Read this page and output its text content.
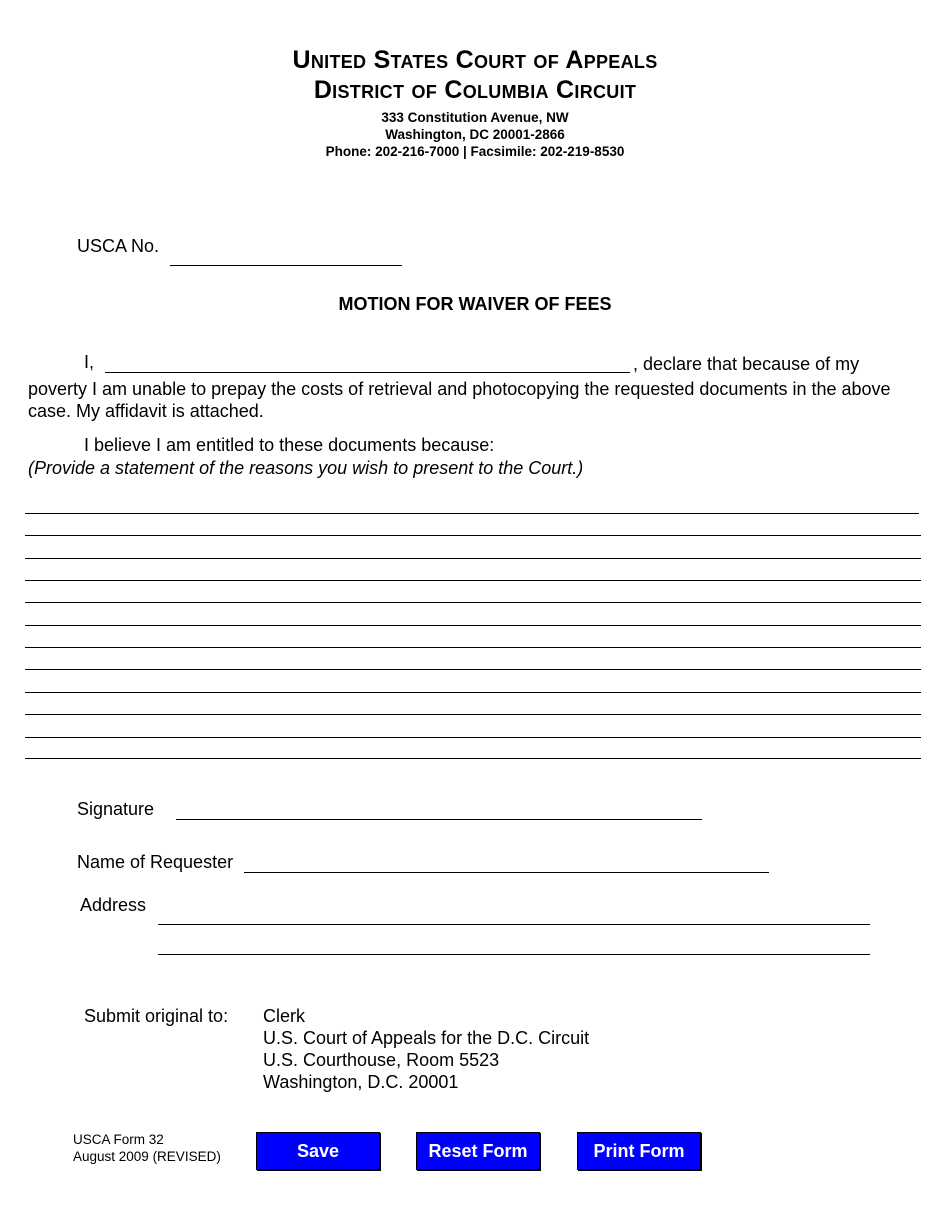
United States Court of Appeals
District of Columbia Circuit
333 Constitution Avenue, NW
Washington, DC 20001-2866
Phone: 202-216-7000 | Facsimile: 202-219-8530
USCA No.
MOTION FOR WAIVER OF FEES
I,	, declare that because of my
poverty I am unable to prepay the costs of retrieval and photocopying the requested documents in the above case. My affidavit is attached.
I believe I am entitled to these documents because:
(Provide a statement of the reasons you wish to present to the Court.)
Signature
Name of Requester
Address
Submit original to: Clerk
U.S. Court of Appeals for the D.C. Circuit
U.S. Courthouse, Room 5523
Washington, D.C. 20001
USCA Form 32
August 2009 (REVISED)	Save	Reset Form	Print Form
